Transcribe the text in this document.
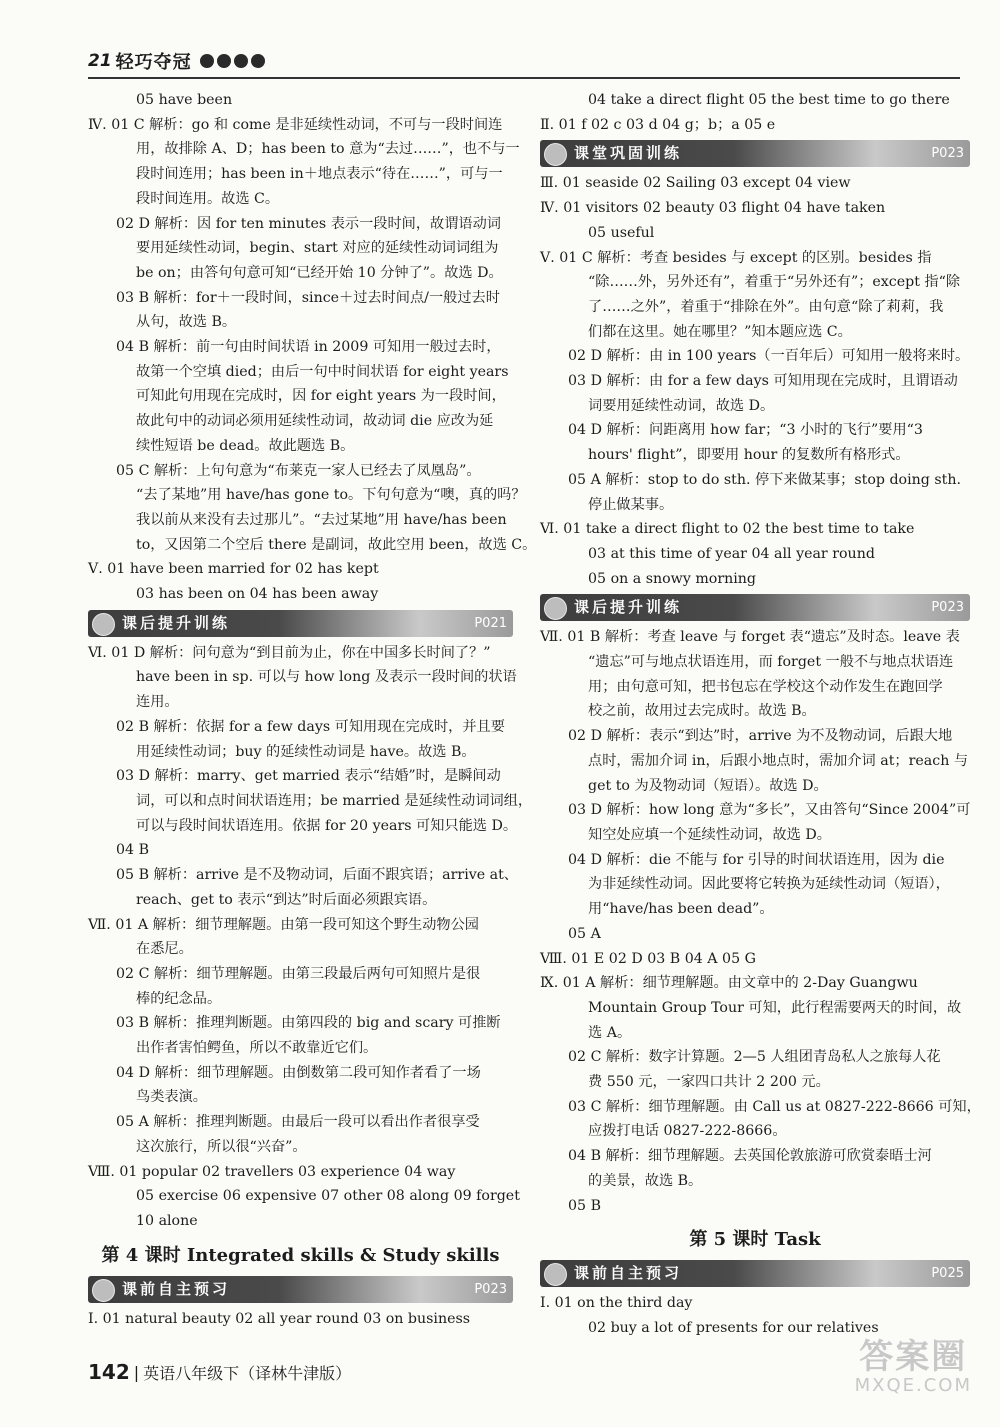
21 轻巧夺冠
05 have been
Ⅳ. 01 C 解析：go 和 come 是非延续性动词，不可与一段时间连
用，故排除 A、D；has been to 意为“去过……”，也不与一
段时间连用；has been in＋地点表示“待在……”，可与一
段时间连用。故选 C。
02 D 解析：因 for ten minutes 表示一段时间，故谓语动词
要用延续性动词，begin、start 对应的延续性动词词组为
be on；由答句句意可知“已经开始 10 分钟了”。故选 D。
03 B 解析：for＋一段时间，since＋过去时间点/一般过去时
从句，故选 B。
04 B 解析：前一句由时间状语 in 2009 可知用一般过去时，
故第一个空填 died；由后一句中时间状语 for eight years
可知此句用现在完成时，因 for eight years 为一段时间，
故此句中的动词必须用延续性动词，故动词 die 应改为延
续性短语 be dead。故此题选 B。
05 C 解析：上句句意为“布莱克一家人已经去了凤凰岛”。
“去了某地”用 have/has gone to。下句句意为“噢，真的吗？
我以前从来没有去过那儿”。“去过某地”用 have/has been
to，又因第二个空后 there 是副词，故此空用 been，故选 C。
Ⅴ. 01 have been married for 02 has kept
03 has been on 04 has been away
课后提升训练	P021
Ⅵ. 01 D 解析：问句意为“到目前为止，你在中国多长时间了？”
have been in sp. 可以与 how long 及表示一段时间的状语
连用。
02 B 解析：依据 for a few days 可知用现在完成时，并且要
用延续性动词；buy 的延续性动词是 have。故选 B。
03 D 解析：marry、get married 表示“结婚”时，是瞬间动
词，可以和点时间状语连用；be married 是延续性动词词组，
可以与段时间状语连用。依据 for 20 years 可知只能选 D。
04 B
05 B 解析：arrive 是不及物动词，后面不跟宾语；arrive at、
reach、get to 表示“到达”时后面必须跟宾语。
Ⅶ. 01 A 解析：细节理解题。由第一段可知这个野生动物公园
在悉尼。
02 C 解析：细节理解题。由第三段最后两句可知照片是很
棒的纪念品。
03 B 解析：推理判断题。由第四段的 big and scary 可推断
出作者害怕鳄鱼，所以不敢靠近它们。
04 D 解析：细节理解题。由倒数第二段可知作者看了一场
鸟类表演。
05 A 解析：推理判断题。由最后一段可以看出作者很享受
这次旅行，所以很“兴奋”。
Ⅷ. 01 popular 02 travellers 03 experience 04 way
05 exercise 06 expensive 07 other 08 along 09 forget
10 alone
第 4 课时 Integrated skills & Study skills
课前自主预习	P023
Ⅰ. 01 natural beauty 02 all year round 03 on business
04 take a direct flight 05 the best time to go there
Ⅱ. 01 f 02 c 03 d 04 g；b；a 05 e
课堂巩固训练	P023
Ⅲ. 01 seaside 02 Sailing 03 except 04 view
Ⅳ. 01 visitors 02 beauty 03 flight 04 have taken
05 useful
Ⅴ. 01 C 解析：考查 besides 与 except 的区别。besides 指
“除……外，另外还有”，着重于“另外还有”；except 指“除
了……之外”，着重于“排除在外”。由句意“除了莉莉，我
们都在这里。她在哪里？”知本题应选 C。
02 D 解析：由 in 100 years（一百年后）可知用一般将来时。
03 D 解析：由 for a few days 可知用现在完成时，且谓语动
词要用延续性动词，故选 D。
04 D 解析：问距离用 how far；“3 小时的飞行”要用“3
hours' flight”，即要用 hour 的复数所有格形式。
05 A 解析：stop to do sth. 停下来做某事；stop doing sth.
停止做某事。
Ⅵ. 01 take a direct flight to 02 the best time to take
03 at this time of year 04 all year round
05 on a snowy morning
课后提升训练	P023
Ⅶ. 01 B 解析：考查 leave 与 forget 表“遗忘”及时态。leave 表
“遗忘”可与地点状语连用，而 forget 一般不与地点状语连
用；由句意可知，把书包忘在学校这个动作发生在跑回学
校之前，故用过去完成时。故选 B。
02 D 解析：表示“到达”时，arrive 为不及物动词，后跟大地
点时，需加介词 in，后跟小地点时，需加介词 at；reach 与
get to 为及物动词（短语）。故选 D。
03 D 解析：how long 意为“多长”，又由答句“Since 2004”可
知空处应填一个延续性动词，故选 D。
04 D 解析：die 不能与 for 引导的时间状语连用，因为 die
为非延续性动词。因此要将它转换为延续性动词（短语），
用“have/has been dead”。
05 A
Ⅷ. 01 E 02 D 03 B 04 A 05 G
Ⅸ. 01 A 解析：细节理解题。由文章中的 2-Day Guangwu
Mountain Group Tour 可知，此行程需要两天的时间，故
选 A。
02 C 解析：数字计算题。2—5 人组团青岛私人之旅每人花
费 550 元，一家四口共计 2 200 元。
03 C 解析：细节理解题。由 Call us at 0827-222-8666 可知，
应拨打电话 0827-222-8666。
04 B 解析：细节理解题。去英国伦敦旅游可欣赏泰晤士河
的美景，故选 B。
05 B
第 5 课时 Task
课前自主预习	P025
Ⅰ. 01 on the third day
02 buy a lot of presents for our relatives
142 | 英语八年级下（译林牛津版）	答案圈
MXQE.COM
